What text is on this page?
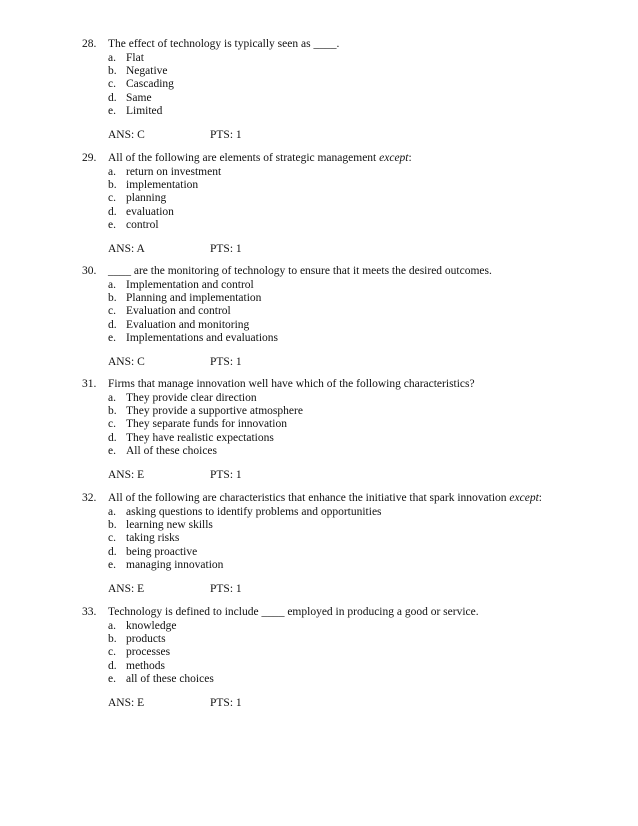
28. The effect of technology is typically seen as ____.
a. Flat
b. Negative
c. Cascading
d. Same
e. Limited
ANS: C	PTS: 1
29. All of the following are elements of strategic management except:
a. return on investment
b. implementation
c. planning
d. evaluation
e. control
ANS: A	PTS: 1
30. ____ are the monitoring of technology to ensure that it meets the desired outcomes.
a. Implementation and control
b. Planning and implementation
c. Evaluation and control
d. Evaluation and monitoring
e. Implementations and evaluations
ANS: C	PTS: 1
31. Firms that manage innovation well have which of the following characteristics?
a. They provide clear direction
b. They provide a supportive atmosphere
c. They separate funds for innovation
d. They have realistic expectations
e. All of these choices
ANS: E	PTS: 1
32. All of the following are characteristics that enhance the initiative that spark innovation except:
a. asking questions to identify problems and opportunities
b. learning new skills
c. taking risks
d. being proactive
e. managing innovation
ANS: E	PTS: 1
33. Technology is defined to include ____ employed in producing a good or service.
a. knowledge
b. products
c. processes
d. methods
e. all of these choices
ANS: E	PTS: 1
